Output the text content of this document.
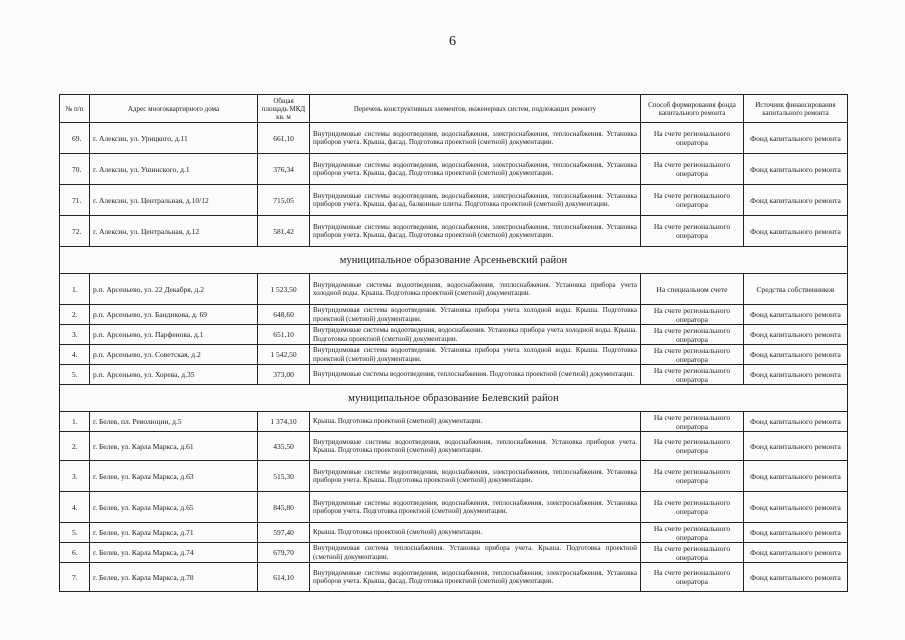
6
№ п/п	Адрес многоквартирного дома	Общая площадь МКД кв. м	Перечень конструктивных элементов, инженерных систем, подлежащих ремонту	Способ формирования фонда капитального ремонта	Источник финансирования капитального ремонта
69.	г. Алексин, ул. Урицкого, д.11	661,10	Внутридомовые системы водоотведения, водоснабжения, электроснабжения, теплоснабжения. Установка приборов учета. Крыша, фасад. Подготовка проектной (сметной) документации.	На счете регионального оператора	Фонд капитального ремонта
70.	г. Алексин, ул. Ушинского, д.1	376,34	Внутридомовые системы водоотведения, водоснабжения, электроснабжения, теплоснабжения. Установка приборов учета. Крыша, фасад. Подготовка проектной (сметной) документации.	На счете регионального оператора	Фонд капитального ремонта
71.	г. Алексин, ул. Центральная, д.10/12	715,05	Внутридомовые системы водоотведения, водоснабжения, электроснабжения, теплоснабжения. Установка приборов учета. Крыша, фасад, балконные плиты. Подготовка проектной (сметной) документации.	На счете регионального оператора	Фонд капитального ремонта
72.	г. Алексин, ул. Центральная, д.12	581,42	Внутридомовые системы водоотведения, водоснабжения, электроснабжения, теплоснабжения. Установка приборов учета. Крыша, фасад. Подготовка проектной (сметной) документации.	На счете регионального оператора	Фонд капитального ремонта
муниципальное образование Арсеньевский район					
1.	р.п. Арсеньево, ул. 22 Декабря, д.2	1 523,50	Внутридомовые системы водоотведения, водоснабжения, теплоснабжения. Установка прибора учета холодной воды. Крыша. Подготовка проектной (сметной) документации.	На специальном счете	Средства собственников
2.	р.п. Арсеньево, ул. Бандикова, д. 69	648,60	Внутридомовая система водоотведения. Установка прибора учета холодной воды. Крыша. Подготовка проектной (сметной) документации.	На счете регионального оператора	Фонд капитального ремонта
3.	р.п. Арсеньево, ул. Парфенова, д.1	651,10	Внутридомовые системы водоотведения, водоснабжения. Установка прибора учета холодной воды. Крыша. Подготовка проектной (сметной) документации.	На счете регионального оператора	Фонд капитального ремонта
4.	р.п. Арсеньево, ул. Советская, д.2	1 542,50	Внутридомовая система водоотведения. Установка прибора учета холодной воды. Крыша. Подготовка проектной (сметной) документации.	На счете регионального оператора	Фонд капитального ремонта
5.	р.п. Арсеньево, ул. Хорева, д.35	373,00	Внутридомовые системы водоотведения, теплоснабжения. Подготовка проектной (сметной) документации.	На счете регионального оператора	Фонд капитального ремонта
муниципальное образование Белевский район					
1.	г. Белев, пл. Революции, д.5	1 374,10	Крыша. Подготовка проектной (сметной) документации.	На счете регионального оператора	Фонд капитального ремонта
2.	г. Белев, ул. Карла Маркса, д.61	435,50	Внутридомовые системы водоотведения, водоснабжения, теплоснабжения. Установка приборов учета. Крыша. Подготовка проектной (сметной) документации.	На счете регионального оператора	Фонд капитального ремонта
3.	г. Белев, ул. Карла Маркса, д.63	515,30	Внутридомовые системы водоотведения, водоснабжения, электроснабжения, теплоснабжения. Установка приборов учета. Крыша. Подготовка проектной (сметной) документации.	На счете регионального оператора	Фонд капитального ремонта
4.	г. Белев, ул. Карла Маркса, д.65	845,80	Внутридомовые системы водоотведения, водоснабжения, теплоснабжения, электроснабжения. Установка приборов учета. Подготовка проектной (сметной) документации.	На счете регионального оператора	Фонд капитального ремонта
5.	г. Белев, ул. Карла Маркса, д.71	597,40	Крыша. Подготовка проектной (сметной) документации.	На счете регионального оператора	Фонд капитального ремонта
6.	г. Белев, ул. Карла Маркса, д.74	679,70	Внутридомовая система теплоснабжения. Установка прибора учета. Крыша. Подготовка проектной (сметной) документации.	На счете регионального оператора	Фонд капитального ремонта
7.	г. Белев, ул. Карла Маркса, д.78	614,10	Внутридомовые системы водоотведения, водоснабжения, теплоснабжения, электроснабжения. Установка приборов учета. Крыша, фасад. Подготовка проектной (сметной) документации.	На счете регионального оператора	Фонд капитального ремонта
